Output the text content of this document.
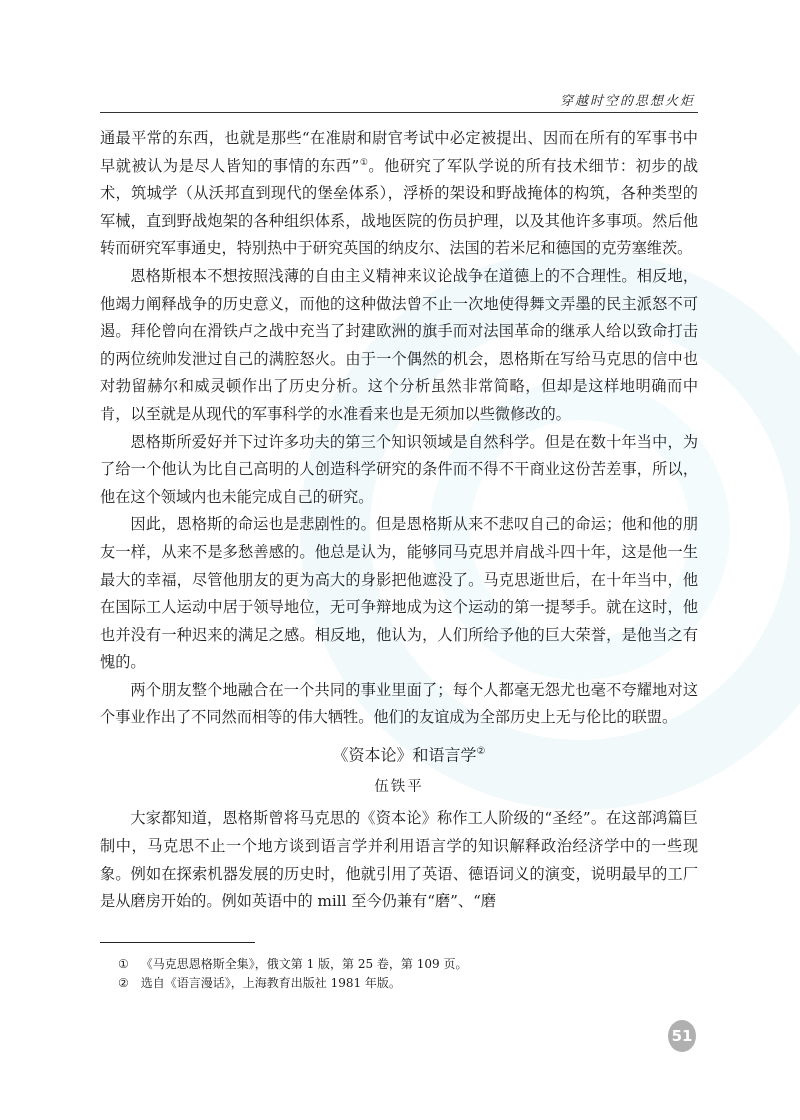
穿越时空的思想火炬

通最平常的东西，也就是那些“在准尉和尉官考试中必定被提出、因而在所有的军事书中早就被认为是尽人皆知的事情的东西”①。他研究了军队学说的所有技术细节：初步的战术，筑城学（从沃邦直到现代的堡垒体系），浮桥的架设和野战掩体的构筑，各种类型的军械，直到野战炮架的各种组织体系，战地医院的伤员护理，以及其他许多事项。然后他转而研究军事通史，特别热中于研究英国的纳皮尔、法国的若米尼和德国的克劳塞维茨。

恩格斯根本不想按照浅薄的自由主义精神来议论战争在道德上的不合理性。相反地，他竭力阐释战争的历史意义，而他的这种做法曾不止一次地使得舞文弄墨的民主派怒不可遏。拜伦曾向在滑铁卢之战中充当了封建欧洲的旗手而对法国革命的继承人给以致命打击的两位统帅发泄过自己的满腔怒火。由于一个偶然的机会，恩格斯在写给马克思的信中也对勃留赫尔和威灵顿作出了历史分析。这个分析虽然非常简略，但却是这样地明确而中肯，以至就是从现代的军事科学的水准看来也是无须加以些微修改的。

恩格斯所爱好并下过许多功夫的第三个知识领域是自然科学。但是在数十年当中，为了给一个他认为比自己高明的人创造科学研究的条件而不得不干商业这份苦差事，所以，他在这个领域内也未能完成自己的研究。

因此，恩格斯的命运也是悲剧性的。但是恩格斯从来不悲叹自己的命运；他和他的朋友一样，从来不是多愁善感的。他总是认为，能够同马克思并肩战斗四十年，这是他一生最大的幸福，尽管他朋友的更为高大的身影把他遮没了。马克思逝世后，在十年当中，他在国际工人运动中居于领导地位，无可争辩地成为这个运动的第一提琴手。就在这时，他也并没有一种迟来的满足之感。相反地，他认为，人们所给予他的巨大荣誉，是他当之有愧的。

两个朋友整个地融合在一个共同的事业里面了；每个人都毫无怨尤也毫不夸耀地对这个事业作出了不同然而相等的伟大牺牲。他们的友谊成为全部历史上无与伦比的联盟。

《资本论》和语言学②
伍铁平

大家都知道，恩格斯曾将马克思的《资本论》称作工人阶级的“圣经”。在这部鸿篇巨制中，马克思不止一个地方谈到语言学并利用语言学的知识解释政治经济学中的一些现象。例如在探索机器发展的历史时，他就引用了英语、德语词义的演变，说明最早的工厂是从磨房开始的。例如英语中的 mill 至今仍兼有“磨”、“磨

① 《马克思恩格斯全集》，俄文第 1 版，第 25 卷，第 109 页。
② 选自《语言漫话》，上海教育出版社 1981 年版。
51
